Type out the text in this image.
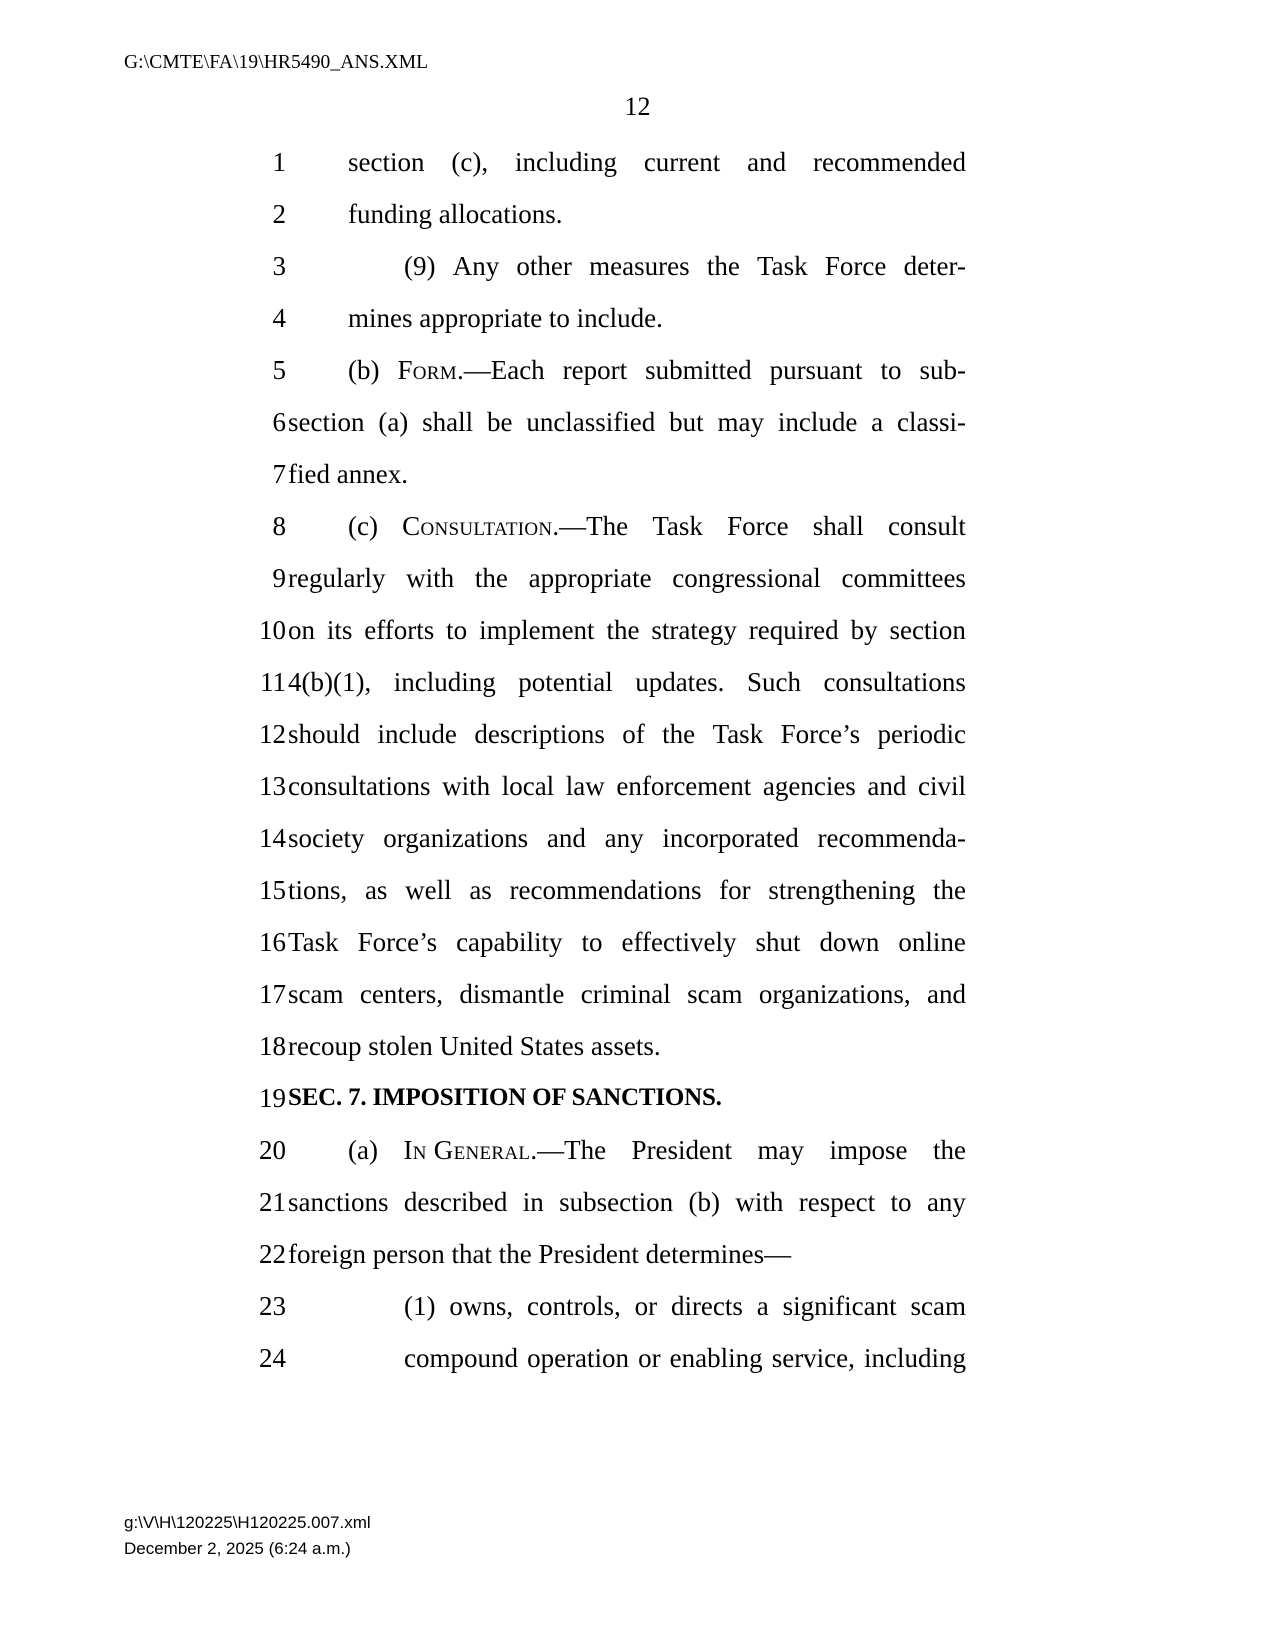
G:\CMTE\FA\19\HR5490_ANS.XML
12
1 section (c), including current and recommended
2 funding allocations.
3	(9) Any other measures the Task Force deter-
4 mines appropriate to include.
5 (b) Form.—Each report submitted pursuant to sub-
6 section (a) shall be unclassified but may include a classi-
7 fied annex.
8 (c) Consultation.—The Task Force shall consult
9 regularly with the appropriate congressional committees
10 on its efforts to implement the strategy required by section
11 4(b)(1), including potential updates. Such consultations
12 should include descriptions of the Task Force’s periodic
13 consultations with local law enforcement agencies and civil
14 society organizations and any incorporated recommenda-
15 tions, as well as recommendations for strengthening the
16 Task Force’s capability to effectively shut down online
17 scam centers, dismantle criminal scam organizations, and
18 recoup stolen United States assets.
19 SEC. 7. IMPOSITION OF SANCTIONS.
20 (a) In General.—The President may impose the
21 sanctions described in subsection (b) with respect to any
22 foreign person that the President determines—
23	(1) owns, controls, or directs a significant scam
24	compound operation or enabling service, including
g:\V\H\120225\H120225.007.xml
December 2, 2025 (6:24 a.m.)
